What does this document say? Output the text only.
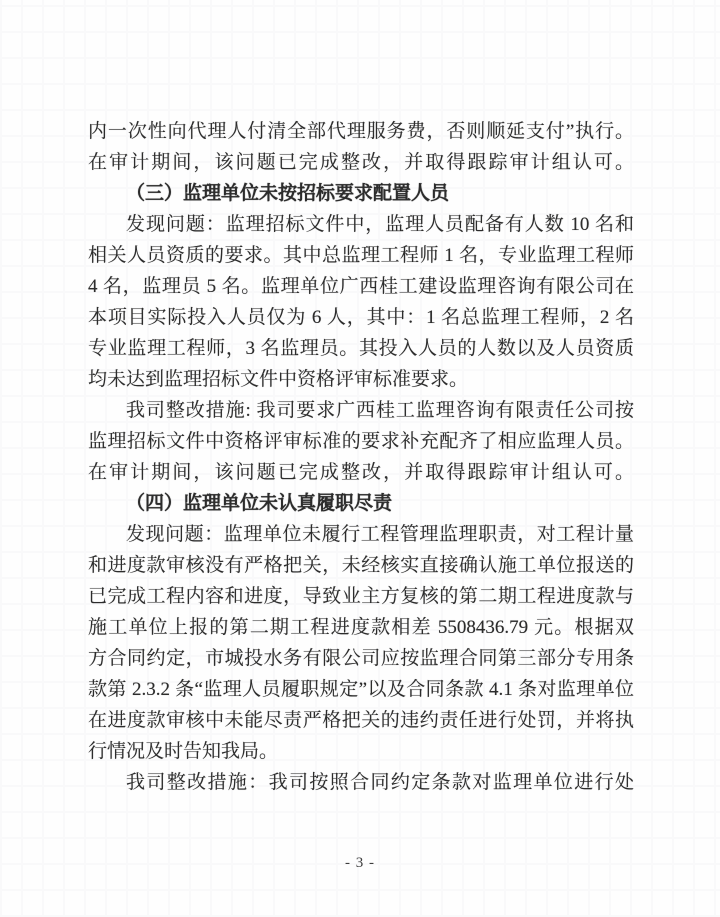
内一次性向代理人付清全部代理服务费，否则顺延支付”执行。
在审计期间，该问题已完成整改，并取得跟踪审计组认可。
（三）监理单位未按招标要求配置人员
发现问题：监理招标文件中，监理人员配备有人数 10 名和
相关人员资质的要求。其中总监理工程师 1 名，专业监理工程师
4 名，监理员 5 名。监理单位广西桂工建设监理咨询有限公司在
本项目实际投入人员仅为 6 人，其中：1 名总监理工程师，2 名
专业监理工程师，3 名监理员。其投入人员的人数以及人员资质
均未达到监理招标文件中资格评审标准要求。
我司整改措施: 我司要求广西桂工监理咨询有限责任公司按
监理招标文件中资格评审标准的要求补充配齐了相应监理人员。
在审计期间，该问题已完成整改，并取得跟踪审计组认可。
（四）监理单位未认真履职尽责
发现问题：监理单位未履行工程管理监理职责，对工程计量
和进度款审核没有严格把关，未经核实直接确认施工单位报送的
已完成工程内容和进度，导致业主方复核的第二期工程进度款与
施工单位上报的第二期工程进度款相差 5508436.79 元。根据双
方合同约定，市城投水务有限公司应按监理合同第三部分专用条
款第 2.3.2 条“监理人员履职规定”以及合同条款 4.1 条对监理单位
在进度款审核中未能尽责严格把关的违约责任进行处罚，并将执
行情况及时告知我局。
我司整改措施：我司按照合同约定条款对监理单位进行处
- 3 -
